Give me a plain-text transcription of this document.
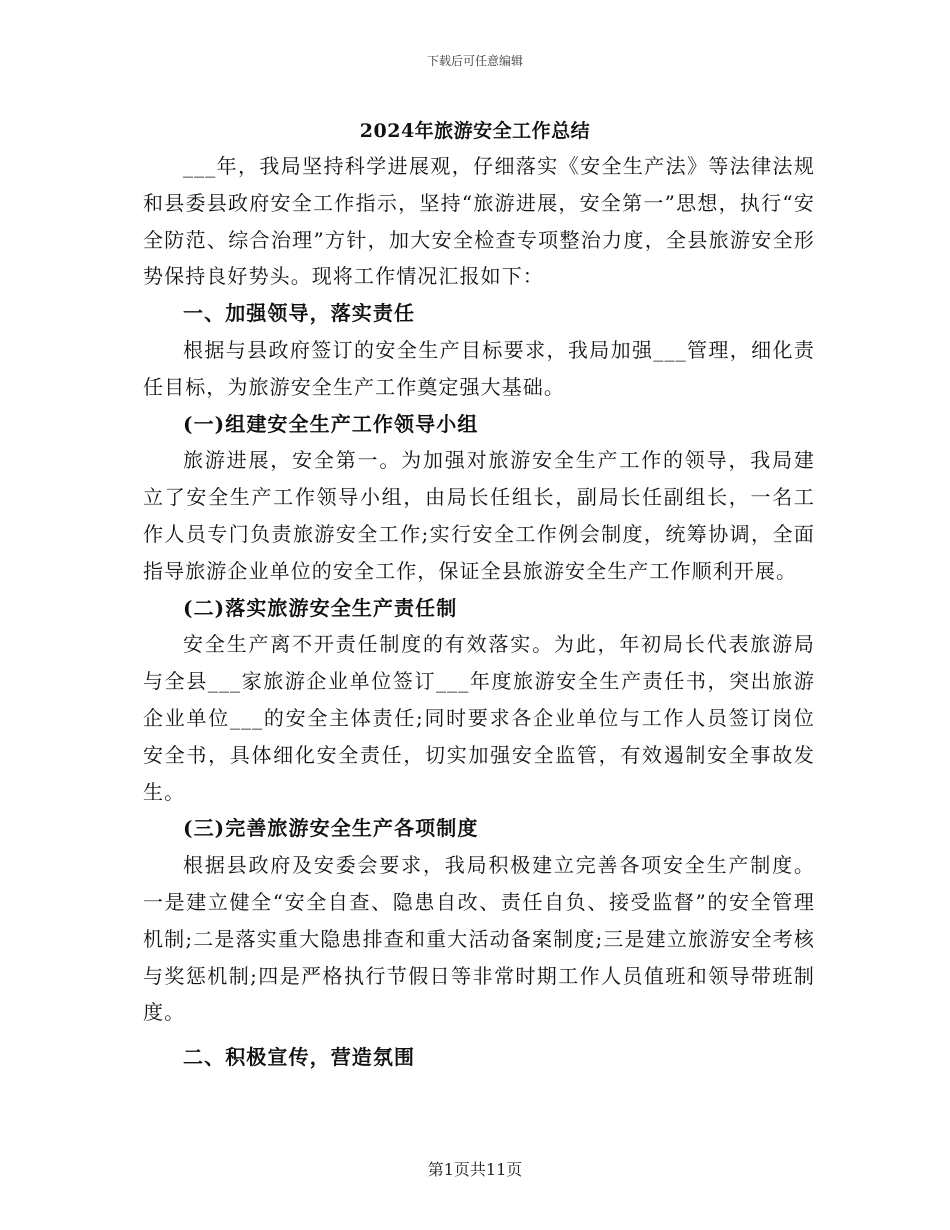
下载后可任意编辑
2024年旅游安全工作总结

___年，我局坚持科学进展观，仔细落实《安全生产法》等法律法规和县委县政府安全工作指示，坚持“旅游进展，安全第一”思想，执行“安全防范、综合治理”方针，加大安全检查专项整治力度，全县旅游安全形势保持良好势头。现将工作情况汇报如下：

一、加强领导，落实责任

根据与县政府签订的安全生产目标要求，我局加强___管理，细化责任目标，为旅游安全生产工作奠定强大基础。

(一)组建安全生产工作领导小组

旅游进展，安全第一。为加强对旅游安全生产工作的领导，我局建立了安全生产工作领导小组，由局长任组长，副局长任副组长，一名工作人员专门负责旅游安全工作;实行安全工作例会制度，统筹协调，全面指导旅游企业单位的安全工作，保证全县旅游安全生产工作顺利开展。

(二)落实旅游安全生产责任制

安全生产离不开责任制度的有效落实。为此，年初局长代表旅游局与全县___家旅游企业单位签订___年度旅游安全生产责任书，突出旅游企业单位___的安全主体责任;同时要求各企业单位与工作人员签订岗位安全书，具体细化安全责任，切实加强安全监管，有效遏制安全事故发生。

(三)完善旅游安全生产各项制度

根据县政府及安委会要求，我局积极建立完善各项安全生产制度。一是建立健全“安全自查、隐患自改、责任自负、接受监督”的安全管理机制;二是落实重大隐患排查和重大活动备案制度;三是建立旅游安全考核与奖惩机制;四是严格执行节假日等非常时期工作人员值班和领导带班制度。

二、积极宣传，营造氛围

第1页共11页
